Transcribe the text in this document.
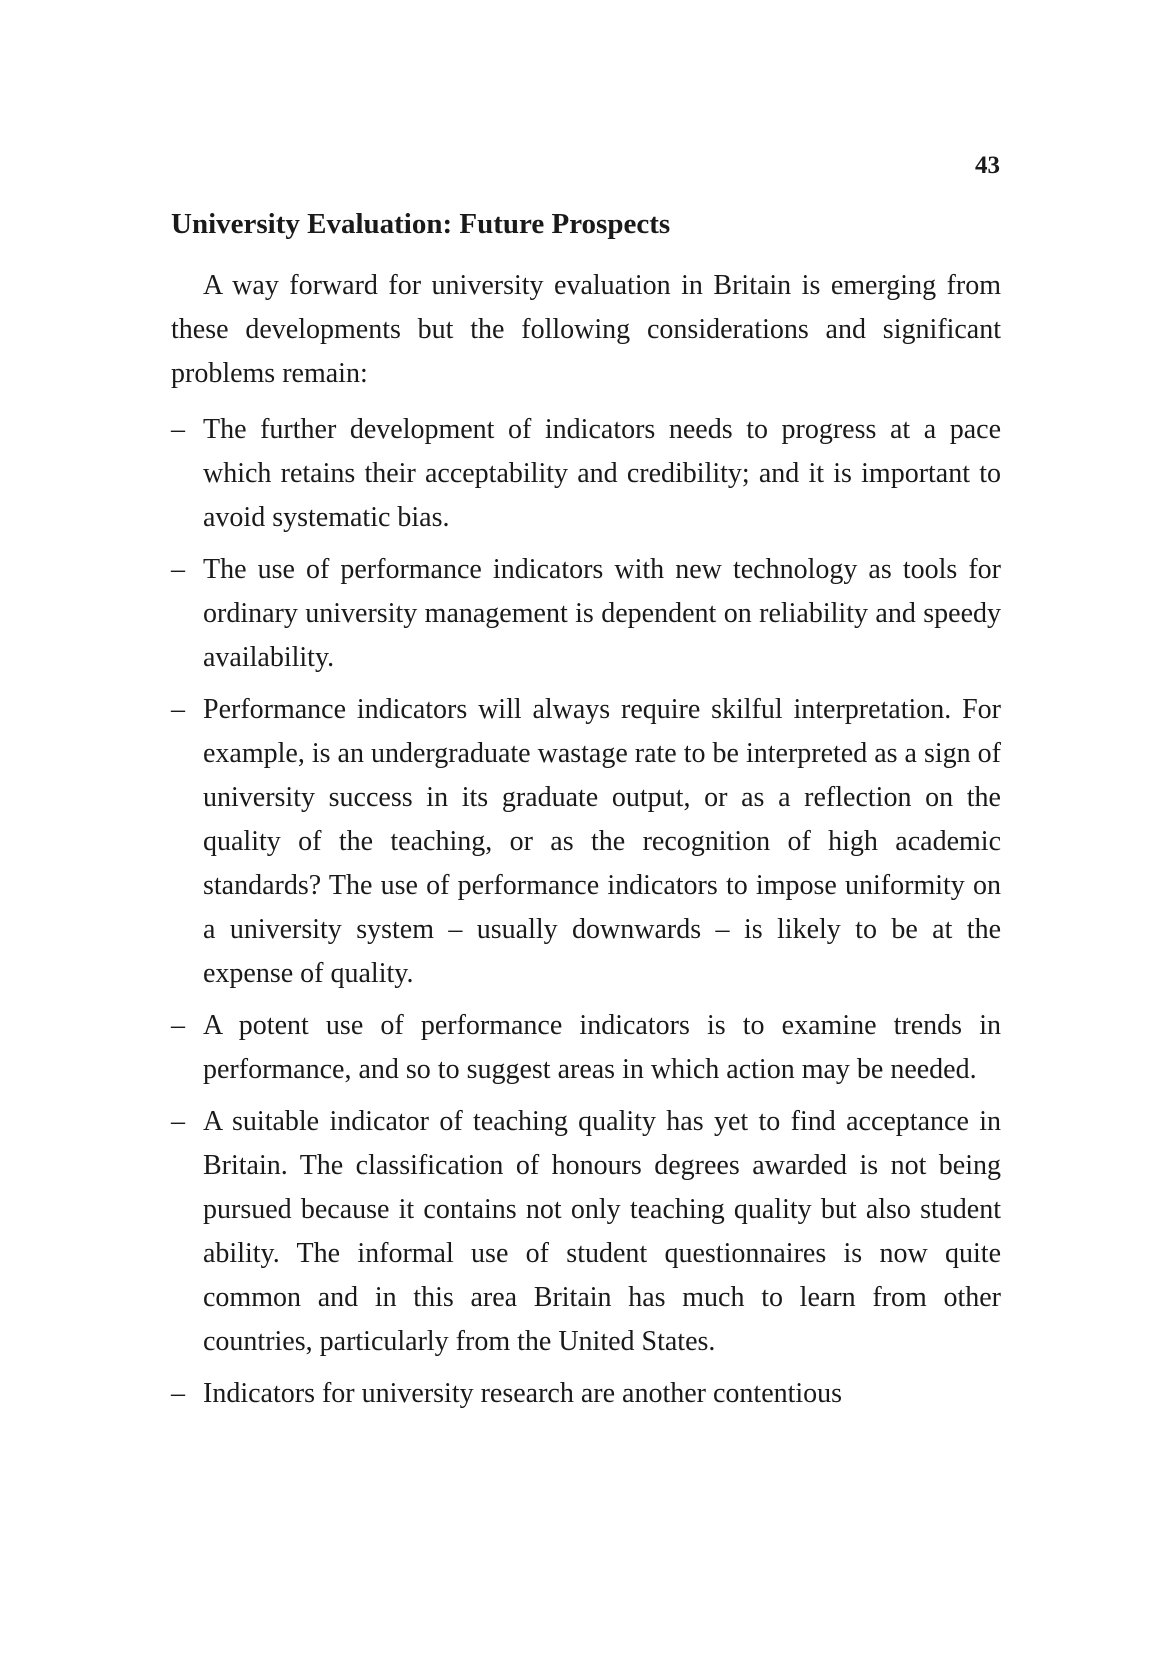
43
University Evaluation: Future Prospects

A way forward for university evaluation in Britain is emerging from these developments but the following considerations and significant problems remain:

– The further development of indicators needs to progress at a pace which retains their acceptability and credibility; and it is important to avoid systematic bias.
– The use of performance indicators with new technology as tools for ordinary university management is dependent on reliability and speedy availability.
– Performance indicators will always require skilful interpretation. For example, is an undergraduate wastage rate to be interpreted as a sign of university success in its graduate output, or as a reflection on the quality of the teaching, or as the recognition of high academic standards? The use of performance indicators to impose uniformity on a university system – usually downwards – is likely to be at the expense of quality.
– A potent use of performance indicators is to examine trends in performance, and so to suggest areas in which action may be needed.
– A suitable indicator of teaching quality has yet to find acceptance in Britain. The classification of honours degrees awarded is not being pursued because it contains not only teaching quality but also student ability. The informal use of student questionnaires is now quite common and in this area Britain has much to learn from other countries, particularly from the United States.
– Indicators for university research are another contentious
